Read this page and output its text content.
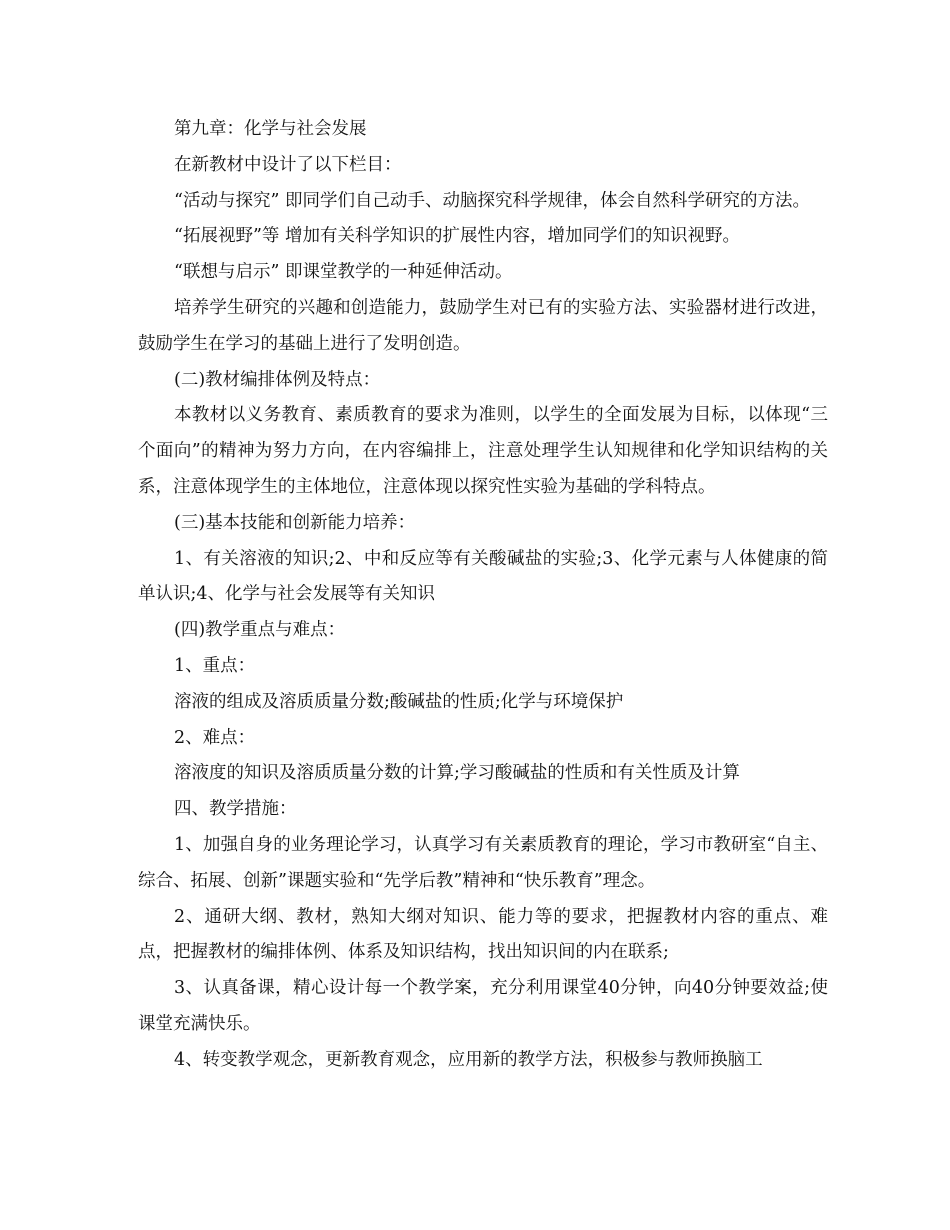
第九章：化学与社会发展

在新教材中设计了以下栏目：

“活动与探究” 即同学们自己动手、动脑探究科学规律，体会自然科学研究的方法。

“拓展视野”等 增加有关科学知识的扩展性内容，增加同学们的知识视野。

“联想与启示” 即课堂教学的一种延伸活动。

培养学生研究的兴趣和创造能力，鼓励学生对已有的实验方法、实验器材进行改进，鼓励学生在学习的基础上进行了发明创造。

(二)教材编排体例及特点：

本教材以义务教育、素质教育的要求为准则，以学生的全面发展为目标，以体现“三个面向”的精神为努力方向，在内容编排上，注意处理学生认知规律和化学知识结构的关系，注意体现学生的主体地位，注意体现以探究性实验为基础的学科特点。

(三)基本技能和创新能力培养：

1、有关溶液的知识;2、中和反应等有关酸碱盐的实验;3、化学元素与人体健康的简单认识;4、化学与社会发展等有关知识

(四)教学重点与难点：

1、重点：

溶液的组成及溶质质量分数;酸碱盐的性质;化学与环境保护

2、难点：

溶液度的知识及溶质质量分数的计算;学习酸碱盐的性质和有关性质及计算

四、教学措施：

1、加强自身的业务理论学习，认真学习有关素质教育的理论，学习市教研室“自主、综合、拓展、创新”课题实验和“先学后教”精神和“快乐教育”理念。

2、通研大纲、教材，熟知大纲对知识、能力等的要求，把握教材内容的重点、难点，把握教材的编排体例、体系及知识结构，找出知识间的内在联系;

3、认真备课，精心设计每一个教学案，充分利用课堂40分钟，向40分钟要效益;使课堂充满快乐。

4、转变教学观念，更新教育观念，应用新的教学方法，积极参与教师换脑工
